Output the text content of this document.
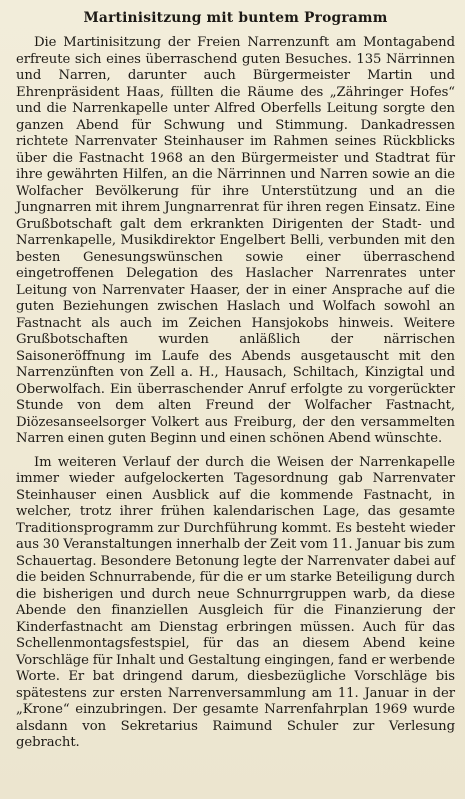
Martinisitzung mit buntem Programm

Die Martinisitzung der Freien Narrenzunft am Montagabend erfreute sich eines überraschend guten Besuches. 135 Närrinnen und Narren, darunter auch Bürgermeister Martin und Ehrenpräsident Haas, füllten die Räume des „Zähringer Hofes“ und die Narrenkapelle unter Alfred Oberfells Leitung sorgte den ganzen Abend für Schwung und Stimmung. Dankadressen richtete Narrenvater Steinhauser im Rahmen seines Rückblicks über die Fastnacht 1968 an den Bürgermeister und Stadtrat für ihre gewährten Hilfen, an die Närrinnen und Narren sowie an die Wolfacher Bevölkerung für ihre Unterstützung und an die Jungnarren mit ihrem Jungnarrenrat für ihren regen Einsatz. Eine Grußbotschaft galt dem erkrankten Dirigenten der Stadt- und Narrenkapelle, Musikdirektor Engelbert Belli, verbunden mit den besten Genesungswünschen sowie einer überraschend eingetroffenen Delegation des Haslacher Narrenrates unter Leitung von Narrenvater Haaser, der in einer Ansprache auf die guten Beziehungen zwischen Haslach und Wolfach sowohl an Fastnacht als auch im Zeichen Hansjokobs hinweis. Weitere Grußbotschaften wurden anläßlich der närrischen Saisoneröffnung im Laufe des Abends ausgetauscht mit den Narrenzünften von Zell a. H., Hausach, Schiltach, Kinzigtal und Oberwolfach. Ein überraschender Anruf erfolgte zu vorgerückter Stunde von dem alten Freund der Wolfacher Fastnacht, Diözesanseelsorger Volkert aus Freiburg, der den versammelten Narren einen guten Beginn und einen schönen Abend wünschte.

Im weiteren Verlauf der durch die Weisen der Narrenkapelle immer wieder aufgelockerten Tagesordnung gab Narrenvater Steinhauser einen Ausblick auf die kommende Fastnacht, in welcher, trotz ihrer frühen kalendarischen Lage, das gesamte Traditionsprogramm zur Durchführung kommt. Es besteht wieder aus 30 Veranstaltungen innerhalb der Zeit vom 11. Januar bis zum Schauertag. Besondere Betonung legte der Narrenvater dabei auf die beiden Schnurrabende, für die er um starke Beteiligung durch die bisherigen und durch neue Schnurrgruppen warb, da diese Abende den finanziellen Ausgleich für die Finanzierung der Kinderfastnacht am Dienstag erbringen müssen. Auch für das Schellenmontagsfestspiel, für das an diesem Abend keine Vorschläge für Inhalt und Gestaltung eingingen, fand er werbende Worte. Er bat dringend darum, diesbezügliche Vorschläge bis spätestens zur ersten Narrenversammlung am 11. Januar in der „Krone“ einzubringen. Der gesamte Narrenfahrplan 1969 wurde alsdann von Sekretarius Raimund Schuler zur Verlesung gebracht.
